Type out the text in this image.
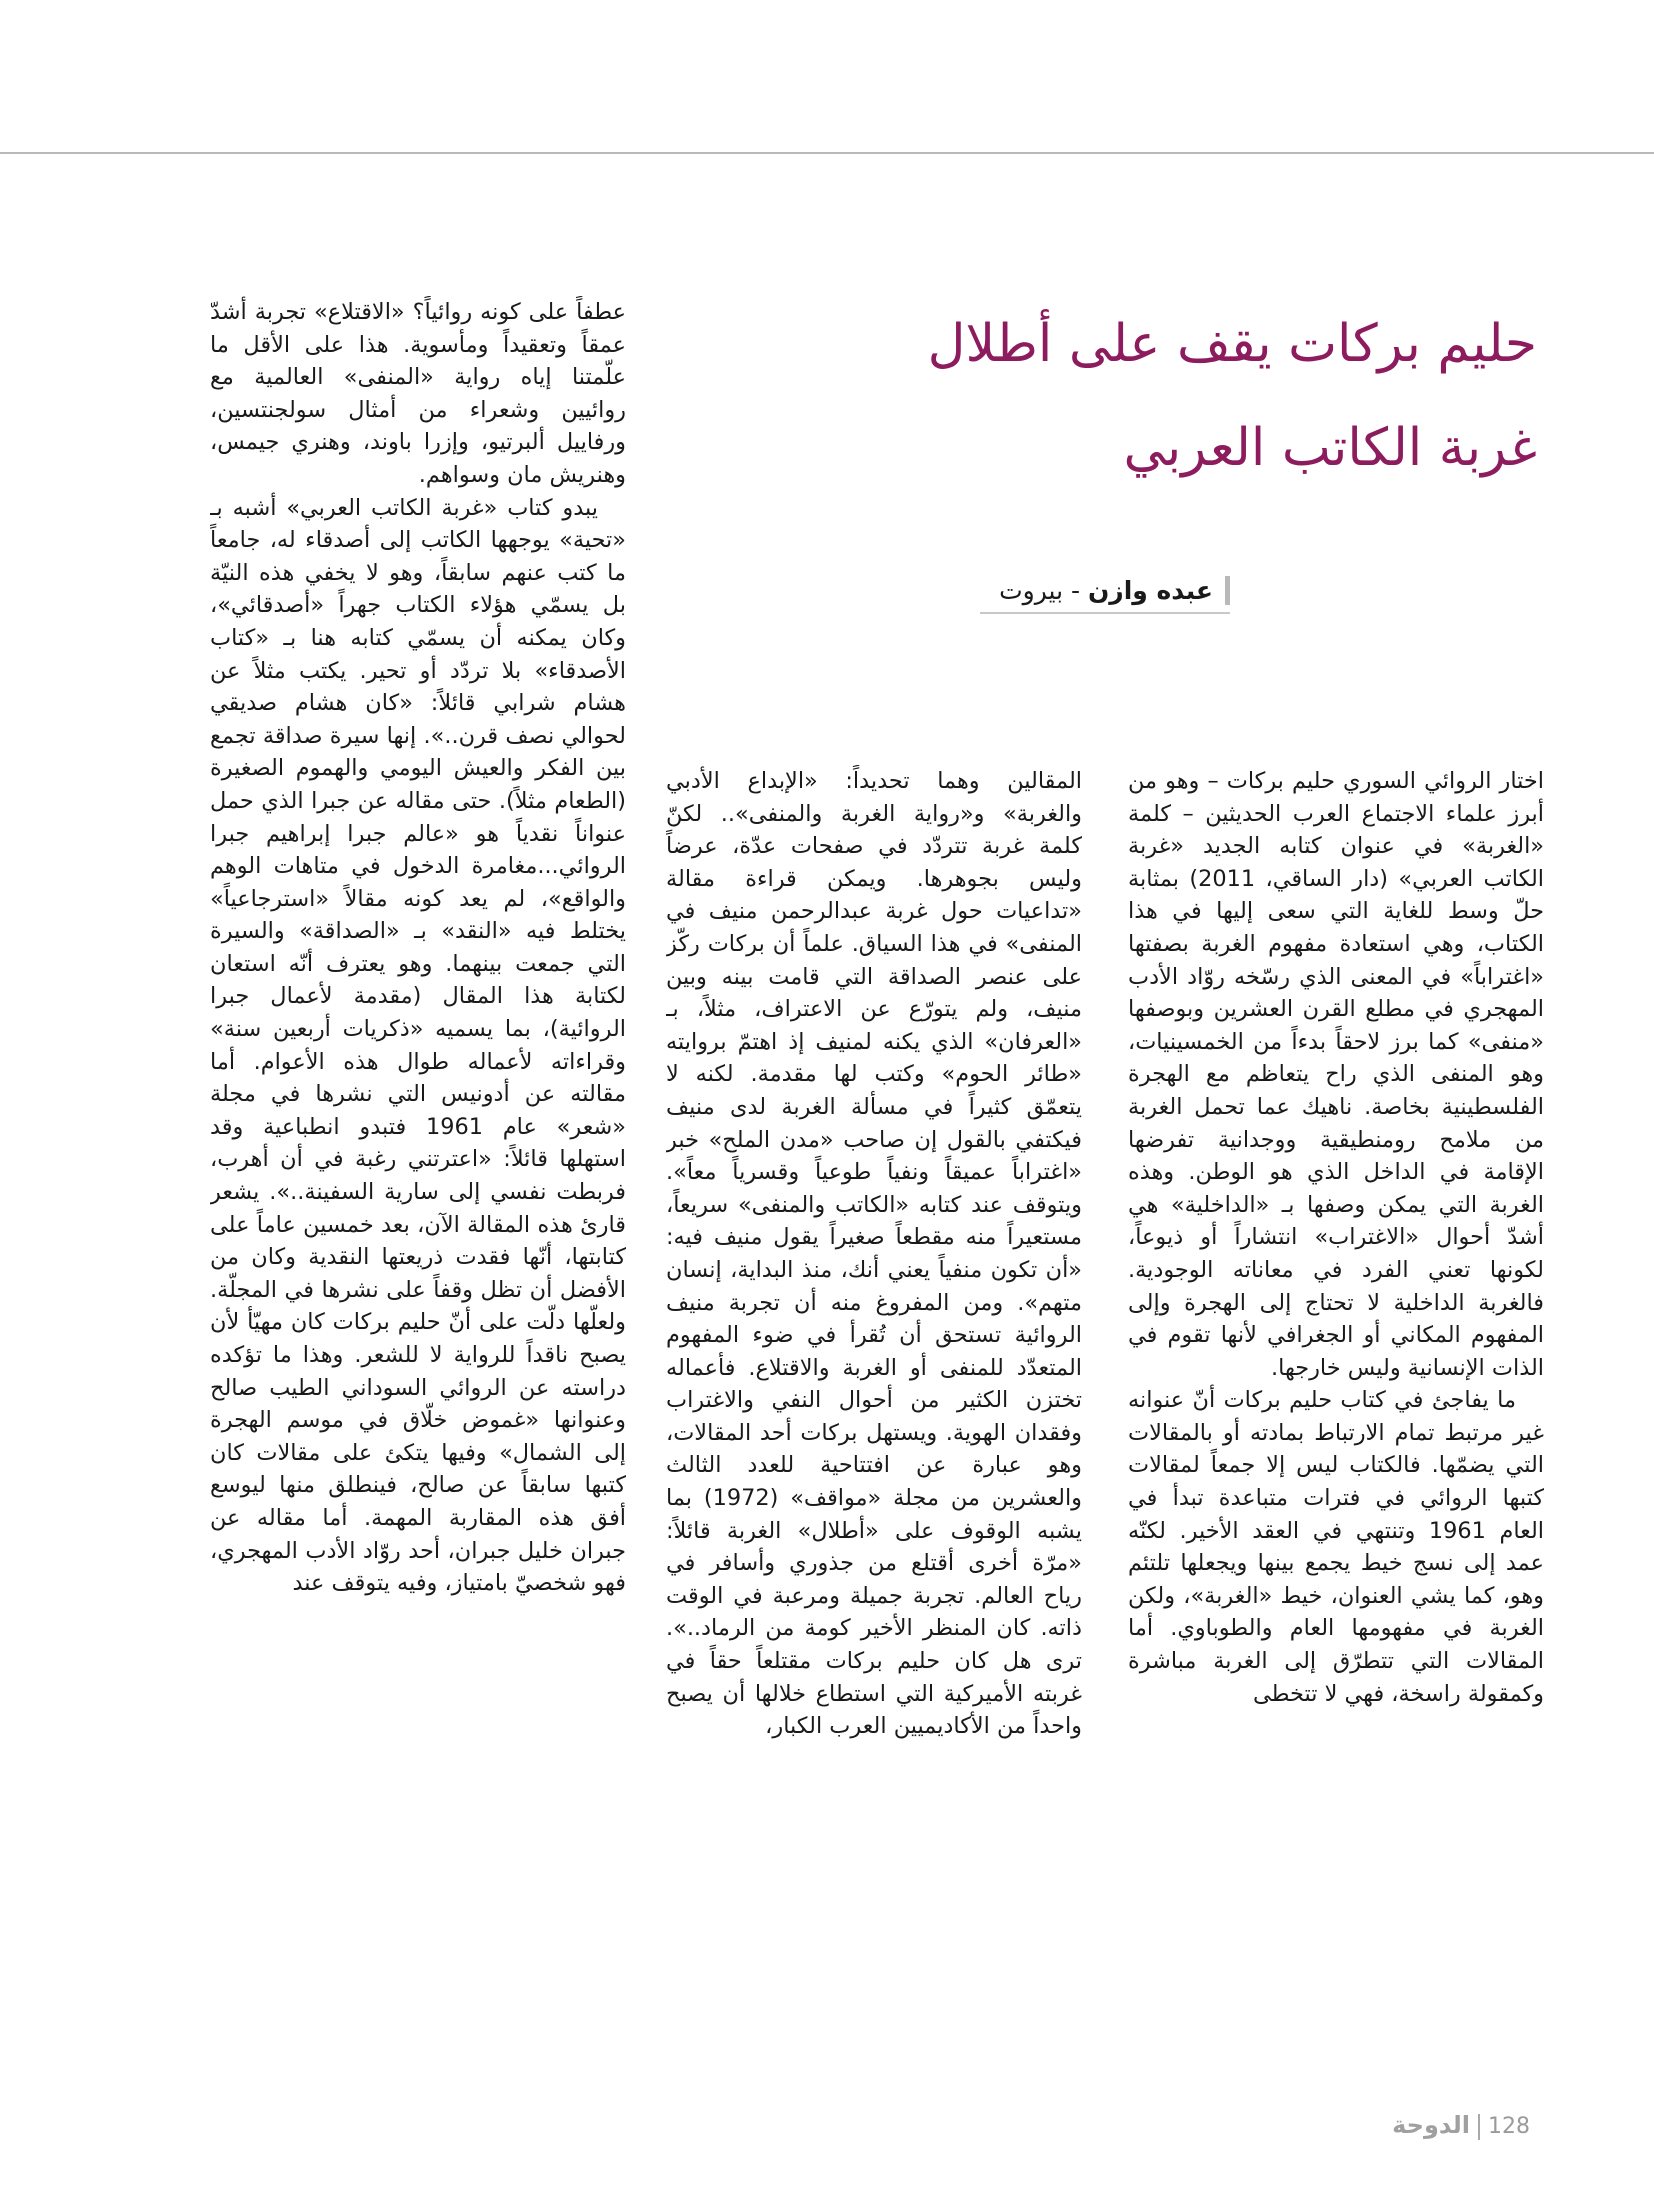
حليم بركات يقف على أطلال
غربة الكاتب العربي
عبده وازن - بيروت

اختار الروائي السوري حليم بركات – وهو من أبرز علماء الاجتماع العرب الحديثين – كلمة «الغربة» في عنوان كتابه الجديد «غربة الكاتب العربي» (دار الساقي، 2011) بمثابة حلّ وسط للغاية التي سعى إليها في هذا الكتاب، وهي استعادة مفهوم الغربة بصفتها «اغتراباً» في المعنى الذي رسّخه روّاد الأدب المهجري في مطلع القرن العشرين وبوصفها «منفى» كما برز لاحقاً بدءاً من الخمسينيات، وهو المنفى الذي راح يتعاظم مع الهجرة الفلسطينية بخاصة. ناهيك عما تحمل الغربة من ملامح رومنطيقية ووجدانية تفرضها الإقامة في الداخل الذي هو الوطن. وهذه الغربة التي يمكن وصفها بـ «الداخلية» هي أشدّ أحوال «الاغتراب» انتشاراً أو ذيوعاً، لكونها تعني الفرد في معاناته الوجودية. فالغربة الداخلية لا تحتاج إلى الهجرة وإلى المفهوم المكاني أو الجغرافي لأنها تقوم في الذات الإنسانية وليس خارجها.

ما يفاجئ في كتاب حليم بركات أنّ عنوانه غير مرتبط تمام الارتباط بمادته أو بالمقالات التي يضمّها. فالكتاب ليس إلا جمعاً لمقالات كتبها الروائي في فترات متباعدة تبدأ في العام 1961 وتنتهي في العقد الأخير. لكنّه عمد إلى نسج خيط يجمع بينها ويجعلها تلتئم وهو، كما يشي العنوان، خيط «الغربة»، ولكن الغربة في مفهومها العام والطوباوي. أما المقالات التي تتطرّق إلى الغربة مباشرة وكمقولة راسخة، فهي لا تتخطى

المقالين وهما تحديداً: «الإبداع الأدبي والغربة» و«رواية الغربة والمنفى».. لكنّ كلمة غربة تتردّد في صفحات عدّة، عرضاً وليس بجوهرها. ويمكن قراءة مقالة «تداعيات حول غربة عبدالرحمن منيف في المنفى» في هذا السياق. علماً أن بركات ركّز على عنصر الصداقة التي قامت بينه وبين منيف، ولم يتورّع عن الاعتراف، مثلاً، بـ «العرفان» الذي يكنه لمنيف إذ اهتمّ بروايته «طائر الحوم» وكتب لها مقدمة. لكنه لا يتعمّق كثيراً في مسألة الغربة لدى منيف فيكتفي بالقول إن صاحب «مدن الملح» خبر «اغتراباً عميقاً ونفياً طوعياً وقسرياً معاً». ويتوقف عند كتابه «الكاتب والمنفى» سريعاً، مستعيراً منه مقطعاً صغيراً يقول منيف فيه: «أن تكون منفياً يعني أنك، منذ البداية، إنسان متهم». ومن المفروغ منه أن تجربة منيف الروائية تستحق أن تُقرأ في ضوء المفهوم المتعدّد للمنفى أو الغربة والاقتلاع. فأعماله تختزن الكثير من أحوال النفي والاغتراب وفقدان الهوية. ويستهل بركات أحد المقالات، وهو عبارة عن افتتاحية للعدد الثالث والعشرين من مجلة «مواقف» (1972) بما يشبه الوقوف على «أطلال» الغربة قائلاً: «مرّة أخرى أقتلع من جذوري وأسافر في رياح العالم. تجربة جميلة ومرعبة في الوقت ذاته. كان المنظر الأخير كومة من الرماد..». ترى هل كان حليم بركات مقتلعاً حقاً في غربته الأميركية التي استطاع خلالها أن يصبح واحداً من الأكاديميين العرب الكبار،

عطفاً على كونه روائياً؟ «الاقتلاع» تجربة أشدّ عمقاً وتعقيداً ومأسوية. هذا على الأقل ما علّمتنا إياه رواية «المنفى» العالمية مع روائيين وشعراء من أمثال سولجنتسين، ورفاييل ألبرتيو، وإزرا باوند، وهنري جيمس، وهنريش مان وسواهم.

يبدو كتاب «غربة الكاتب العربي» أشبه بـ «تحية» يوجهها الكاتب إلى أصدقاء له، جامعاً ما كتب عنهم سابقاً، وهو لا يخفي هذه النيّة بل يسمّي هؤلاء الكتاب جهراً «أصدقائي»، وكان يمكنه أن يسمّي كتابه هنا بـ «كتاب الأصدقاء» بلا تردّد أو تحير. يكتب مثلاً عن هشام شرابي قائلاً: «كان هشام صديقي لحوالي نصف قرن..». إنها سيرة صداقة تجمع بين الفكر والعيش اليومي والهموم الصغيرة (الطعام مثلاً). حتى مقاله عن جبرا الذي حمل عنواناً نقدياً هو «عالم جبرا إبراهيم جبرا الروائي...مغامرة الدخول في متاهات الوهم والواقع»، لم يعد كونه مقالاً «استرجاعياً» يختلط فيه «النقد» بـ «الصداقة» والسيرة التي جمعت بينهما. وهو يعترف أنّه استعان لكتابة هذا المقال (مقدمة لأعمال جبرا الروائية)، بما يسميه «ذكريات أربعين سنة» وقراءاته لأعماله طوال هذه الأعوام. أما مقالته عن أدونيس التي نشرها في مجلة «شعر» عام 1961 فتبدو انطباعية وقد استهلها قائلاً: «اعترتني رغبة في أن أهرب، فربطت نفسي إلى سارية السفينة..». يشعر قارئ هذه المقالة الآن، بعد خمسين عاماً على كتابتها، أنّها فقدت ذريعتها النقدية وكان من الأفضل أن تظل وقفاً على نشرها في المجلّة. ولعلّها دلّت على أنّ حليم بركات كان مهيّأ لأن يصبح ناقداً للرواية لا للشعر. وهذا ما تؤكده دراسته عن الروائي السوداني الطيب صالح وعنوانها «غموض خلّاق في موسم الهجرة إلى الشمال» وفيها يتكئ على مقالات كان كتبها سابقاً عن صالح، فينطلق منها ليوسع أفق هذه المقاربة المهمة. أما مقاله عن جبران خليل جبران، أحد روّاد الأدب المهجري، فهو شخصيّ بامتياز، وفيه يتوقف عند

128الدوحة
